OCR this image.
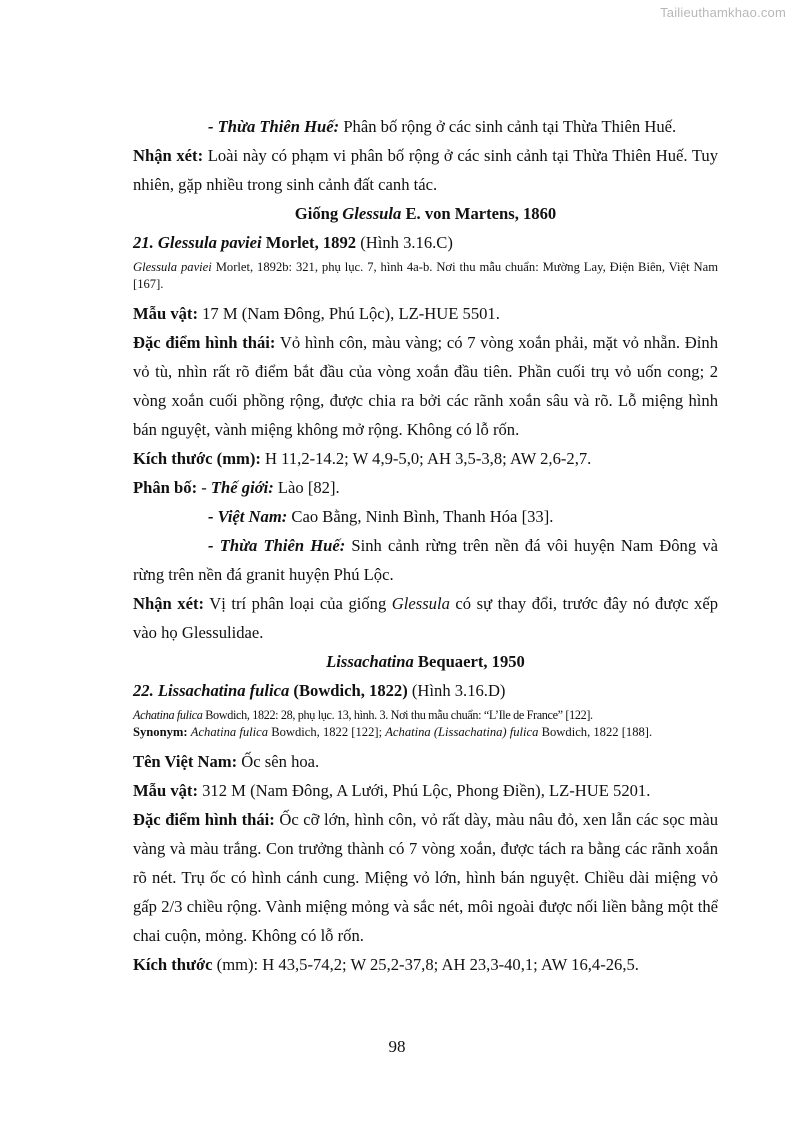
Tailieuthamkhao.com

- Thừa Thiên Huế: Phân bố rộng ở các sinh cảnh tại Thừa Thiên Huế.

Nhận xét: Loài này có phạm vi phân bố rộng ở các sinh cảnh tại Thừa Thiên Huế. Tuy nhiên, gặp nhiều trong sinh cảnh đất canh tác.

Giống Glessula E. von Martens, 1860

21. Glessula paviei Morlet, 1892 (Hình 3.16.C)

Glessula paviei Morlet, 1892b: 321, phụ lục. 7, hình 4a-b. Nơi thu mẫu chuẩn: Mường Lay, Điện Biên, Việt Nam [167].

Mẫu vật: 17 M (Nam Đông, Phú Lộc), LZ-HUE 5501.

Đặc điểm hình thái: Vỏ hình côn, màu vàng; có 7 vòng xoắn phải, mặt vỏ nhẵn. Đỉnh vỏ tù, nhìn rất rõ điểm bắt đầu của vòng xoắn đầu tiên. Phần cuối trụ vỏ uốn cong; 2 vòng xoắn cuối phồng rộng, được chia ra bởi các rãnh xoắn sâu và rõ. Lỗ miệng hình bán nguyệt, vành miệng không mở rộng. Không có lỗ rốn.

Kích thước (mm): H 11,2-14.2; W 4,9-5,0; AH 3,5-3,8; AW 2,6-2,7.

Phân bố: - Thế giới: Lào [82].

- Việt Nam: Cao Bằng, Ninh Bình, Thanh Hóa [33].

- Thừa Thiên Huế: Sinh cảnh rừng trên nền đá vôi huyện Nam Đông và rừng trên nền đá granit huyện Phú Lộc.

Nhận xét: Vị trí phân loại của giống Glessula có sự thay đổi, trước đây nó được xếp vào họ Glessulidae.

Lissachatina Bequaert, 1950

22. Lissachatina fulica (Bowdich, 1822) (Hình 3.16.D)

Achatina fulica Bowdich, 1822: 28, phụ lục. 13, hình. 3. Nơi thu mẫu chuẩn: “L’Ile de France” [122].

Synonym: Achatina fulica Bowdich, 1822 [122]; Achatina (Lissachatina) fulica Bowdich, 1822 [188].

Tên Việt Nam: Ốc sên hoa.

Mẫu vật: 312 M (Nam Đông, A Lưới, Phú Lộc, Phong Điền), LZ-HUE 5201.

Đặc điểm hình thái: Ốc cỡ lớn, hình côn, vỏ rất dày, màu nâu đỏ, xen lẫn các sọc màu vàng và màu trắng. Con trưởng thành có 7 vòng xoắn, được tách ra bằng các rãnh xoắn rõ nét. Trụ ốc có hình cánh cung. Miệng vỏ lớn, hình bán nguyệt. Chiều dài miệng vỏ gấp 2/3 chiều rộng. Vành miệng mỏng và sắc nét, môi ngoài được nối liền bằng một thể chai cuộn, mỏng. Không có lỗ rốn.

Kích thước (mm): H 43,5-74,2; W 25,2-37,8; AH 23,3-40,1; AW 16,4-26,5.

98
